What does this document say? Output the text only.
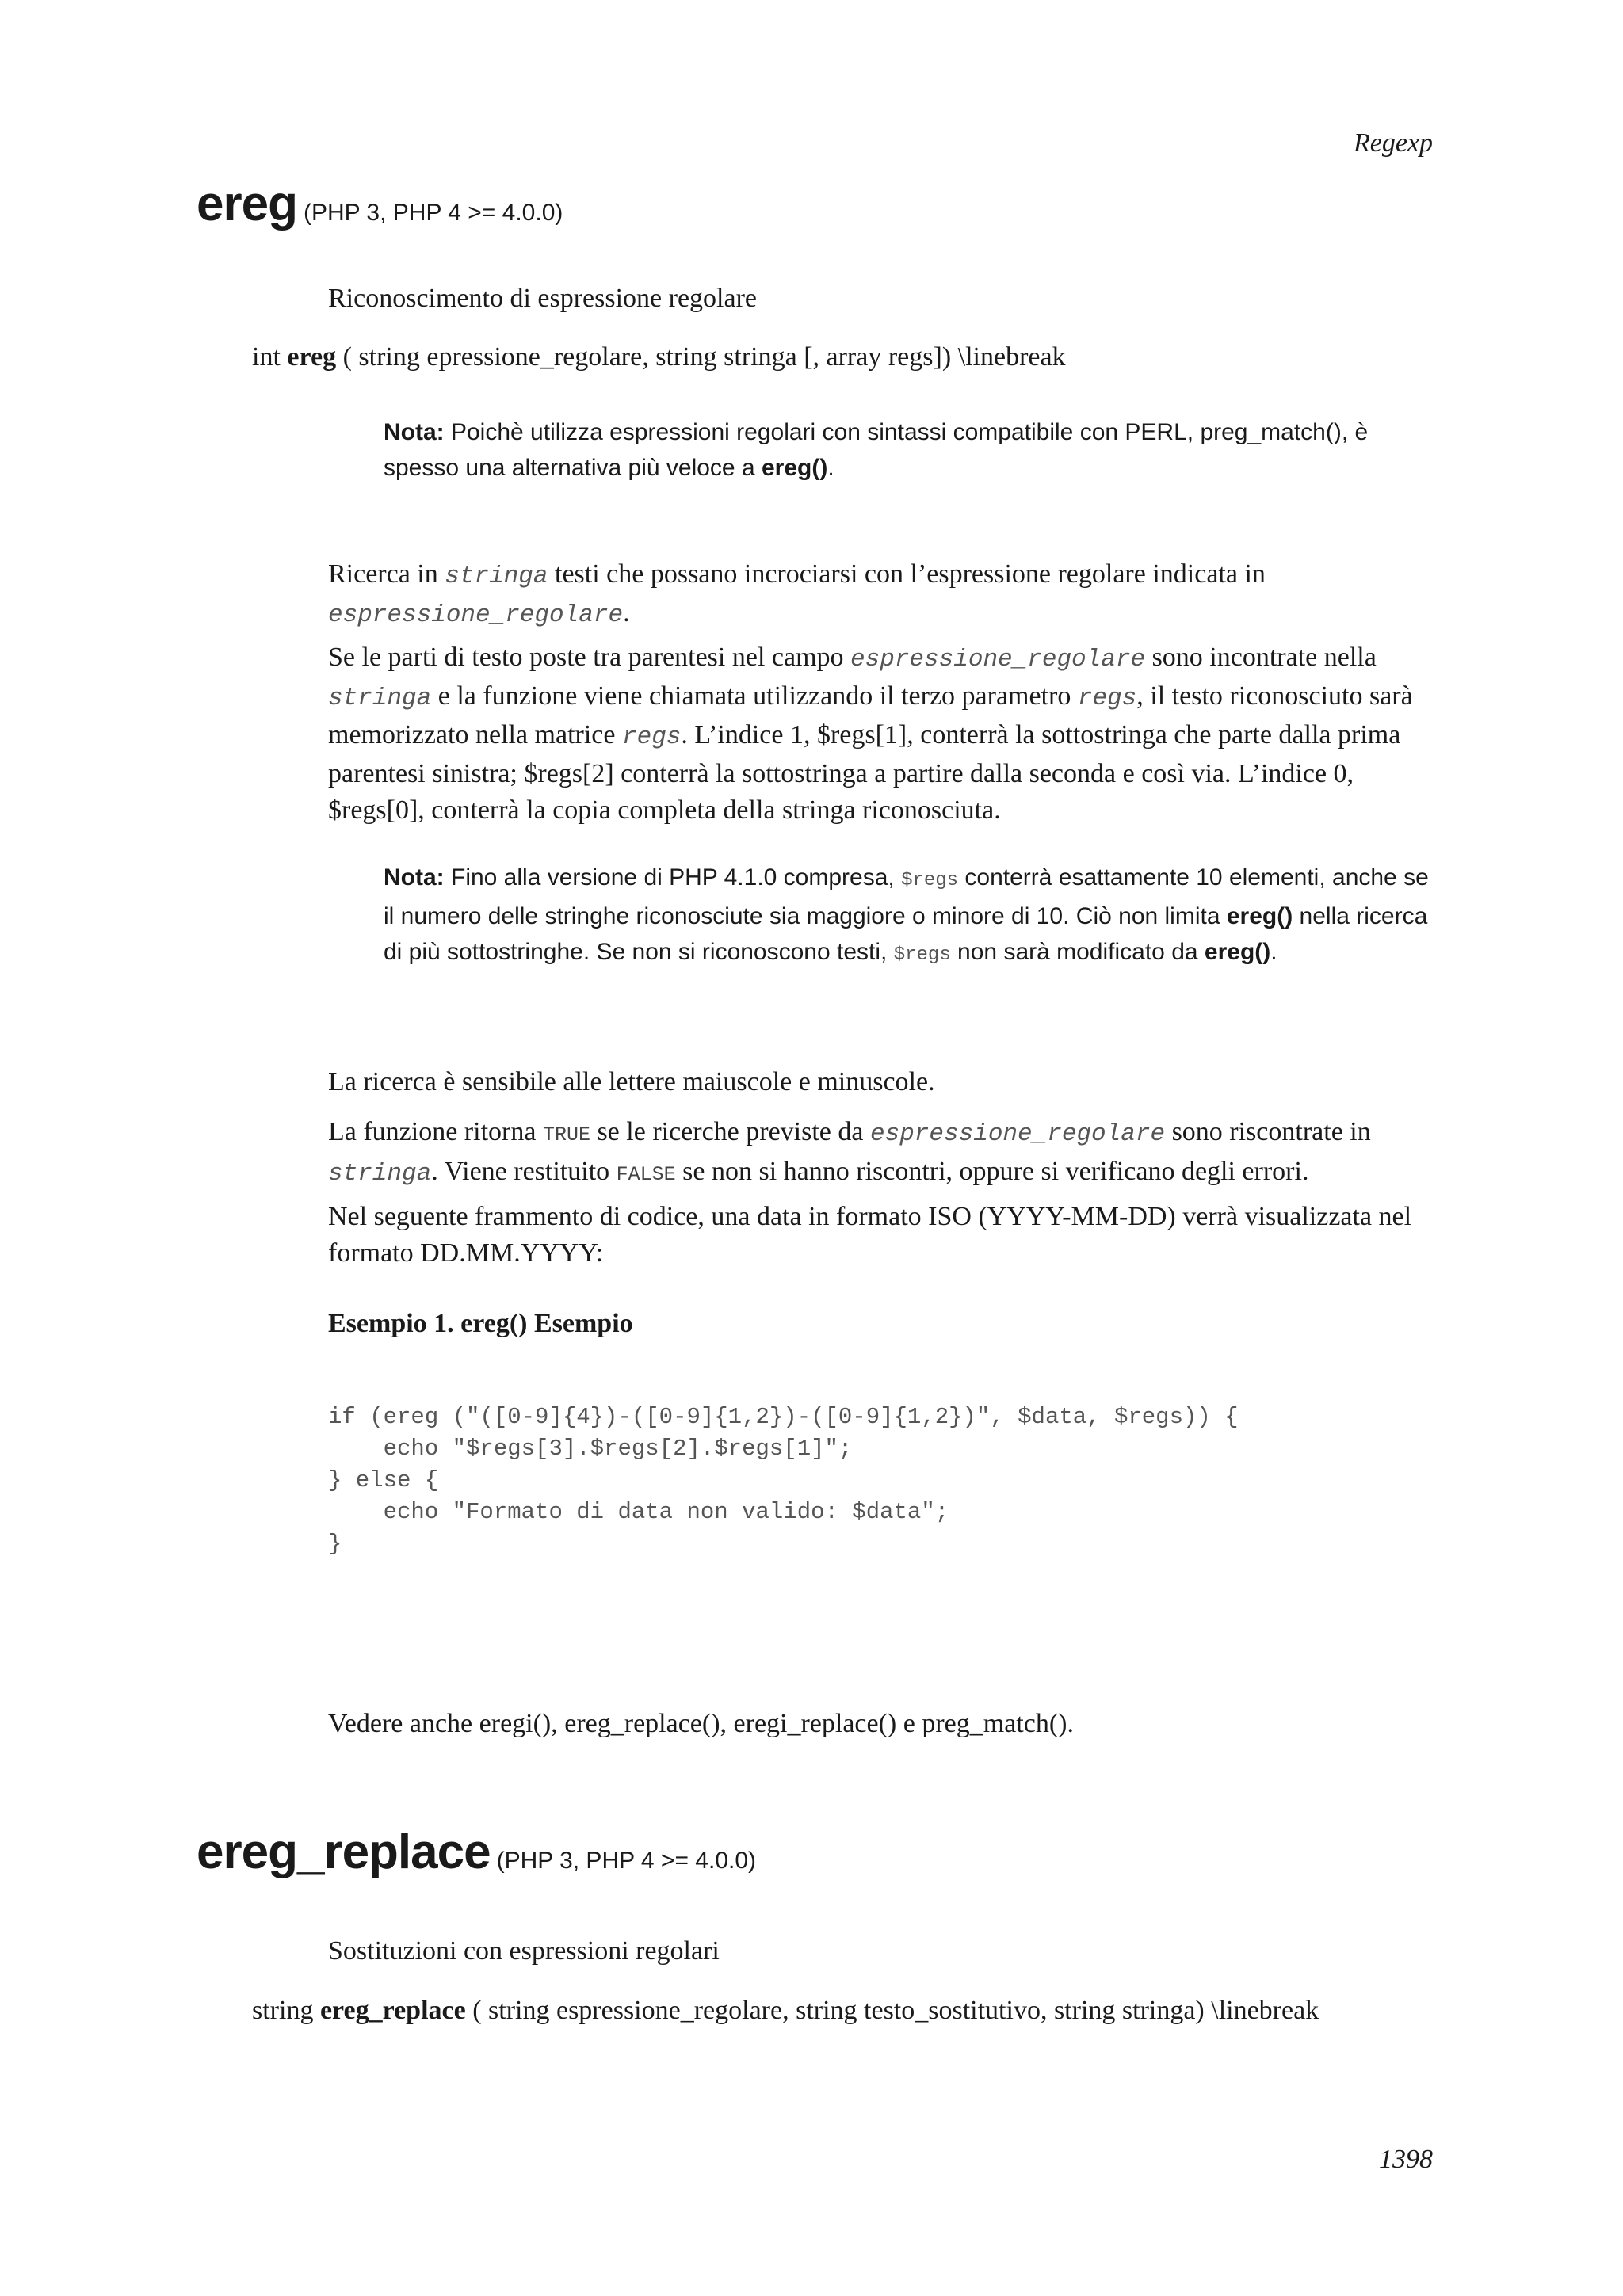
Regexp
ereg (PHP 3, PHP 4 >= 4.0.0)
Riconoscimento di espressione regolare
int ereg ( string epressione_regolare, string stringa [, array regs]) \linebreak
Nota: Poichè utilizza espressioni regolari con sintassi compatibile con PERL, preg_match(), è spesso una alternativa più veloce a ereg().
Ricerca in stringa testi che possano incrociarsi con l’espressione regolare indicata in espressione_regolare.
Se le parti di testo poste tra parentesi nel campo espressione_regolare sono incontrate nella stringa e la funzione viene chiamata utilizzando il terzo parametro regs, il testo riconosciuto sarà memorizzato nella matrice regs. L’indice 1, $regs[1], conterrà la sottostringa che parte dalla prima parentesi sinistra; $regs[2] conterrà la sottostringa a partire dalla seconda e così via. L’indice 0, $regs[0], conterrà la copia completa della stringa riconosciuta.
Nota: Fino alla versione di PHP 4.1.0 compresa, $regs conterrà esattamente 10 elementi, anche se il numero delle stringhe riconosciute sia maggiore o minore di 10. Ciò non limita ereg() nella ricerca di più sottostringhe. Se non si riconoscono testi, $regs non sarà modificato da ereg().
La ricerca è sensibile alle lettere maiuscole e minuscole.
La funzione ritorna TRUE se le ricerche previste da espressione_regolare sono riscontrate in stringa. Viene restituito FALSE se non si hanno riscontri, oppure si verificano degli errori.
Nel seguente frammento di codice, una data in formato ISO (YYYY-MM-DD) verrà visualizzata nel formato DD.MM.YYYY:
Esempio 1. ereg() Esempio
if (ereg ("([0-9]{4})-([0-9]{1,2})-([0-9]{1,2})", $data, $regs)) {
echo "$regs[3].$regs[2].$regs[1]";
} else {
echo "Formato di data non valido: $data";
}
Vedere anche eregi(), ereg_replace(), eregi_replace() e preg_match().
ereg_replace (PHP 3, PHP 4 >= 4.0.0)
Sostituzioni con espressioni regolari
string ereg_replace ( string espressione_regolare, string testo_sostitutivo, string stringa) \linebreak
1398
